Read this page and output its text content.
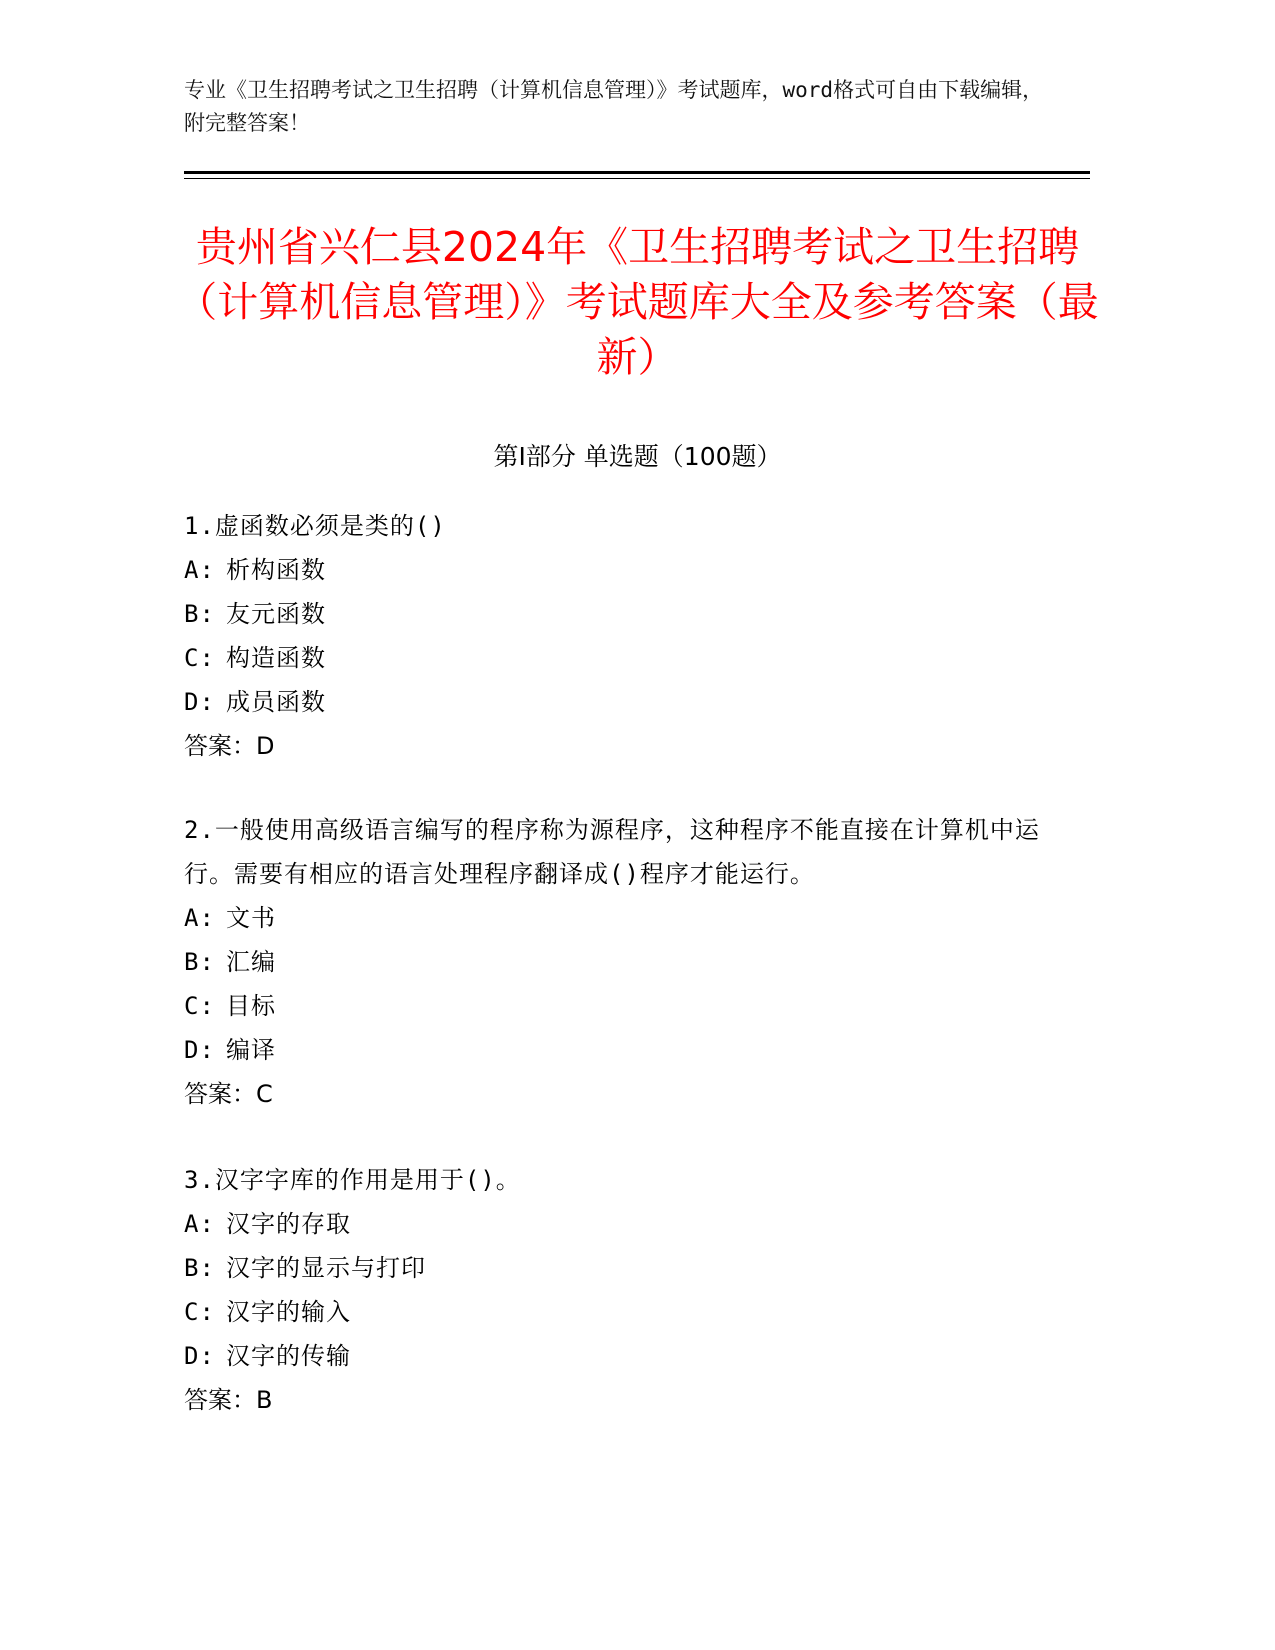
专业《卫生招聘考试之卫生招聘（计算机信息管理）》考试题库，word格式可自由下载编辑，附完整答案！
贵州省兴仁县2024年《卫生招聘考试之卫生招聘（计算机信息管理）》考试题库大全及参考答案（最新）
第I部分 单选题（100题）
1.虚函数必须是类的()
A: 析构函数
B: 友元函数
C: 构造函数
D: 成员函数
答案：D
2.一般使用高级语言编写的程序称为源程序，这种程序不能直接在计算机中运行。需要有相应的语言处理程序翻译成()程序才能运行。
A: 文书
B: 汇编
C: 目标
D: 编译
答案：C
3.汉字字库的作用是用于()。
A: 汉字的存取
B: 汉字的显示与打印
C: 汉字的输入
D: 汉字的传输
答案：B
